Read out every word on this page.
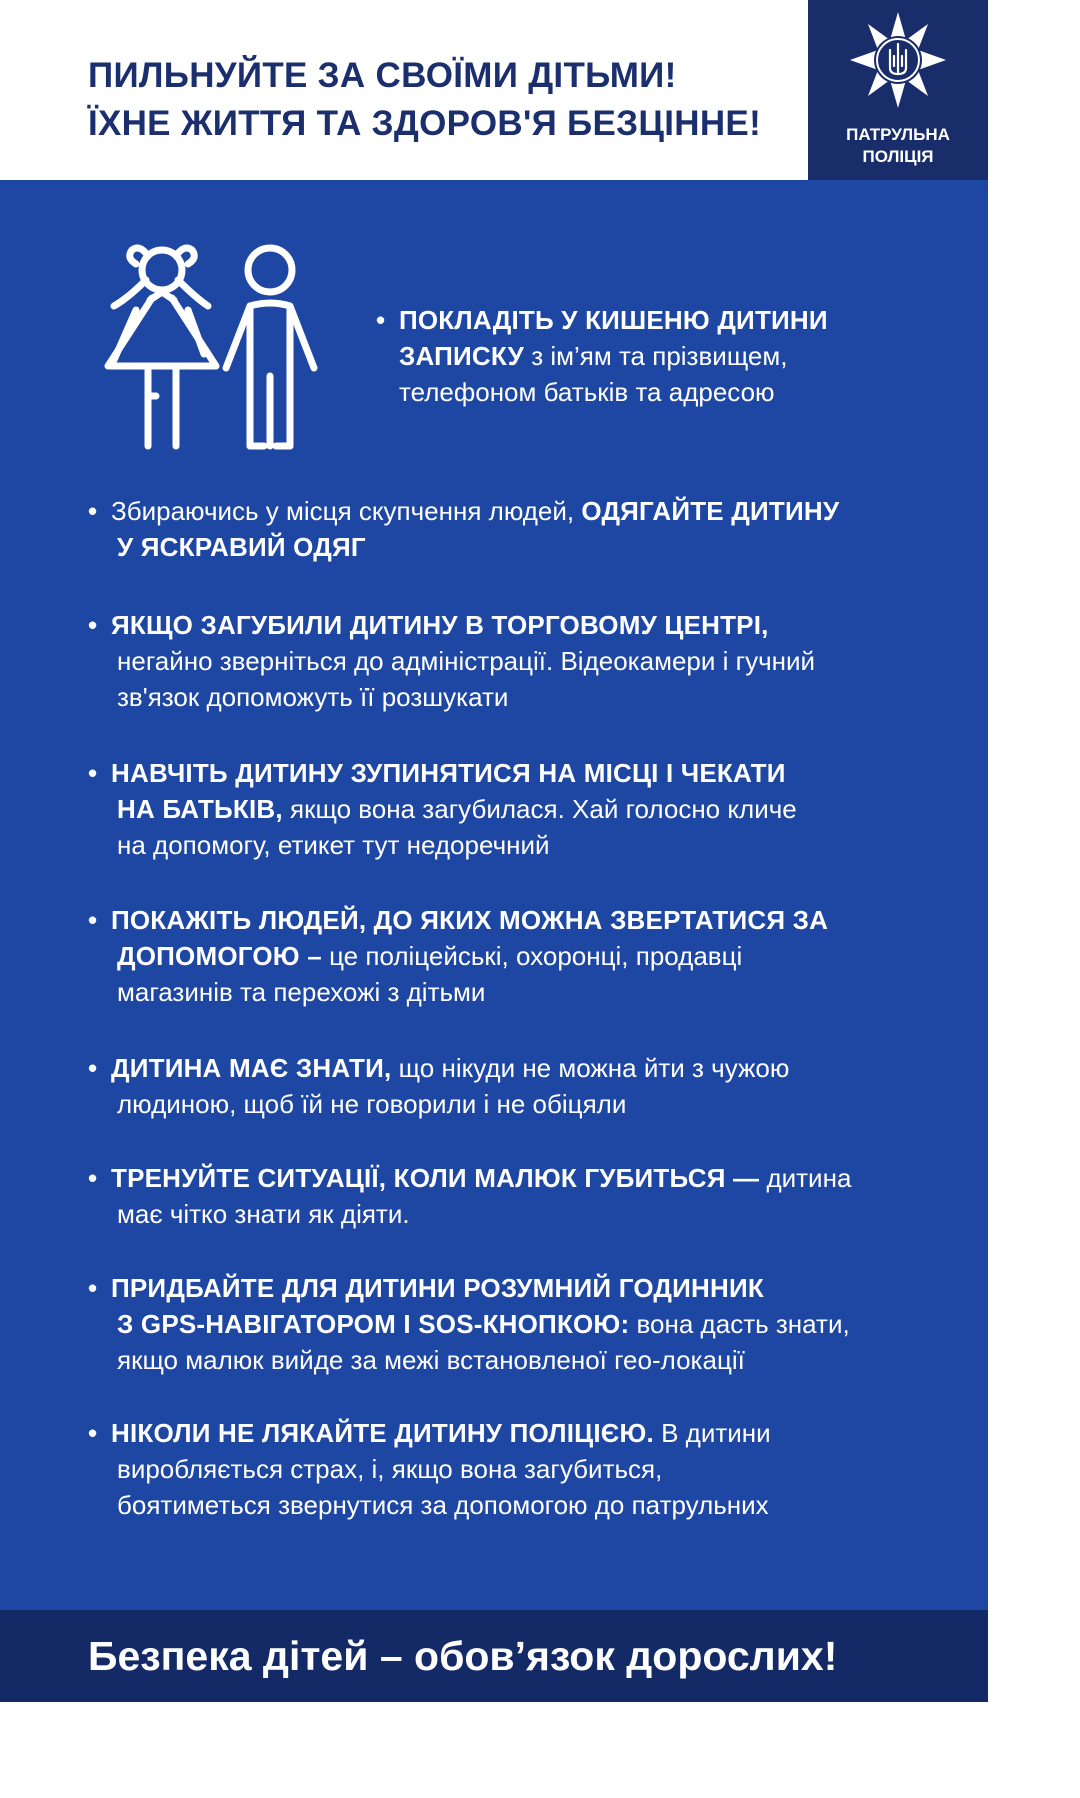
ПИЛЬНУЙТЕ ЗА СВОЇМИ ДІТЬМИ!
ЇХНЕ ЖИТТЯ ТА ЗДОРОВ'Я БЕЗЦІННЕ!	ПАТРУЛЬНА
ПОЛІЦІЯ
• ПОКЛАДІТЬ У КИШЕНЮ ДИТИНИ
ЗАПИСКУ з ім’ям та прізвищем,
телефоном батьків та адресою
• Збираючись у місця скупчення людей, ОДЯГАЙТЕ ДИТИНУ
У ЯСКРАВИЙ ОДЯГ
• ЯКЩО ЗАГУБИЛИ ДИТИНУ В ТОРГОВОМУ ЦЕНТРІ,
негайно зверніться до адміністрації. Відеокамери і гучний
зв'язок допоможуть її розшукати
• НАВЧІТЬ ДИТИНУ ЗУПИНЯТИСЯ НА МІСЦІ І ЧЕКАТИ
НА БАТЬКІВ, якщо вона загубилася. Хай голосно кличе
на допомогу, етикет тут недоречний
• ПОКАЖІТЬ ЛЮДЕЙ, ДО ЯКИХ МОЖНА ЗВЕРТАТИСЯ ЗА
ДОПОМОГОЮ – це поліцейські, охоронці, продавці
магазинів та перехожі з дітьми
• ДИТИНА МАЄ ЗНАТИ, що нікуди не можна йти з чужою
людиною, щоб їй не говорили і не обіцяли
• ТРЕНУЙТЕ СИТУАЦІЇ, КОЛИ МАЛЮК ГУБИТЬСЯ — дитина
має чітко знати як діяти.
• ПРИДБАЙТЕ ДЛЯ ДИТИНИ РОЗУМНИЙ ГОДИННИК
З GPS-НАВІГАТОРОМ І SOS-КНОПКОЮ: вона дасть знати,
якщо малюк вийде за межі встановленої гео-локації
• НІКОЛИ НЕ ЛЯКАЙТЕ ДИТИНУ ПОЛІЦІЄЮ. В дитини
виробляється страх, і, якщо вона загубиться,
боятиметься звернутися за допомогою до патрульних

Безпека дітей – обов’язок дорослих!
